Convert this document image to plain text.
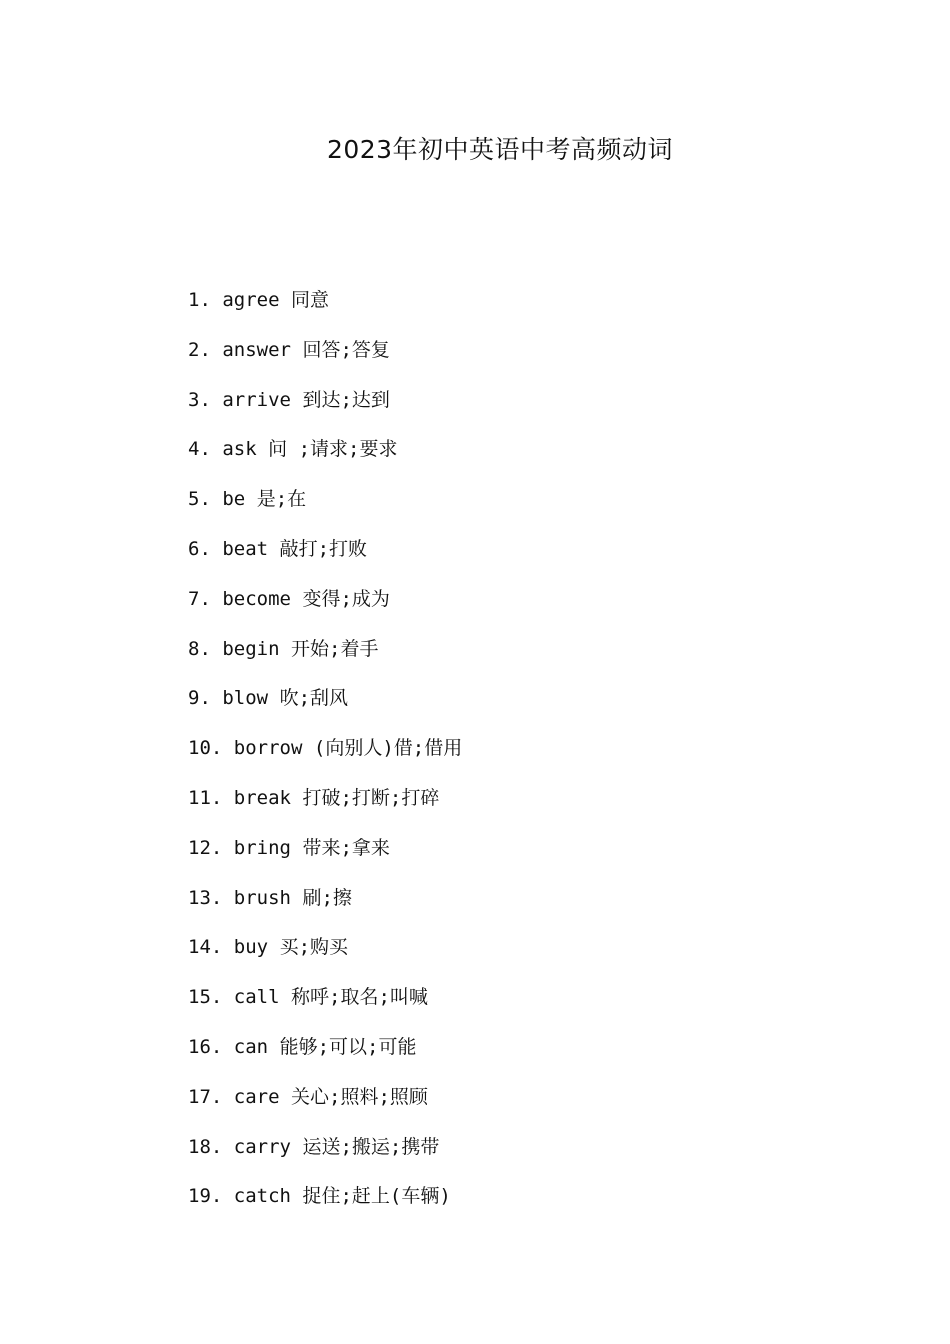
2023年初中英语中考高频动词
1. agree 同意
2. answer 回答;答复
3. arrive 到达;达到
4. ask 问 ;请求;要求
5. be 是;在
6. beat 敲打;打败
7. become 变得;成为
8. begin 开始;着手
9. blow 吹;刮风
10. borrow (向别人)借;借用
11. break 打破;打断;打碎
12. bring 带来;拿来
13. brush 刷;擦
14. buy 买;购买
15. call 称呼;取名;叫喊
16. can 能够;可以;可能
17. care 关心;照料;照顾
18. carry 运送;搬运;携带
19. catch 捉住;赶上(车辆)
